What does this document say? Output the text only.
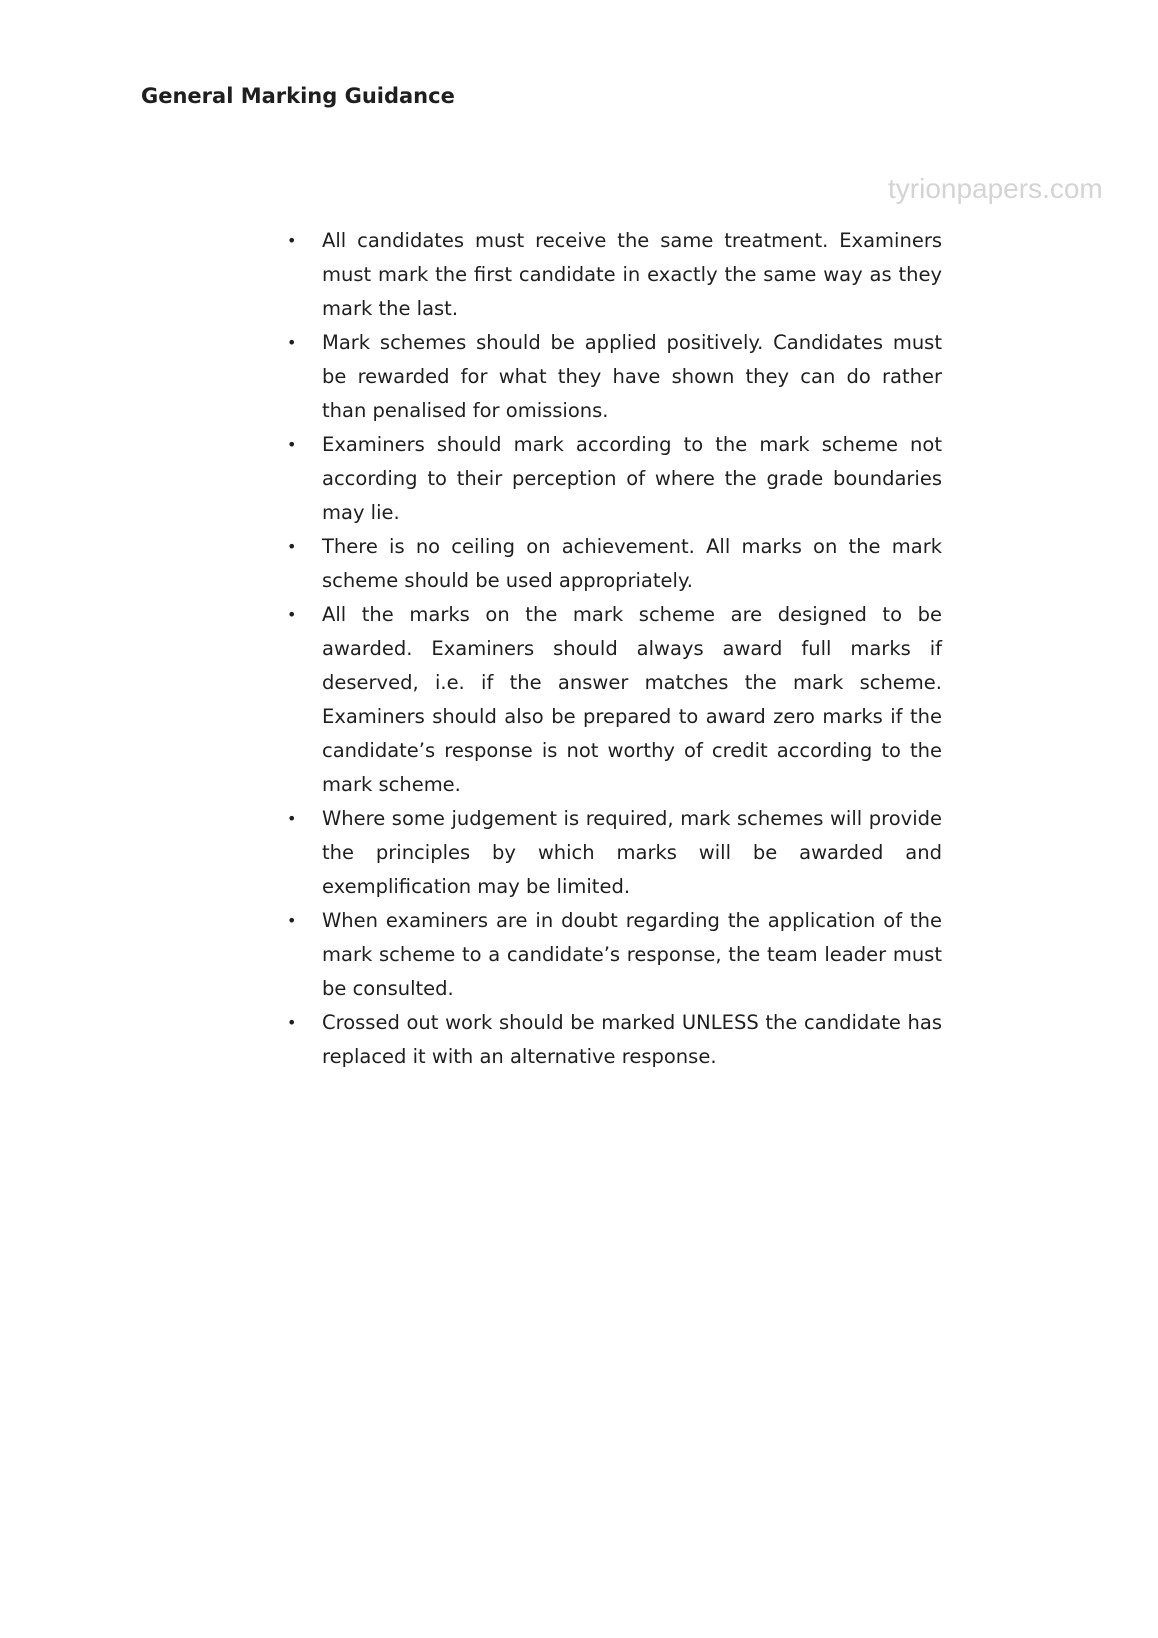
General Marking Guidance
tyrionpapers.com
• All candidates must receive the same treatment. Examiners must mark the first candidate in exactly the same way as they mark the last.
• Mark schemes should be applied positively. Candidates must be rewarded for what they have shown they can do rather than penalised for omissions.
• Examiners should mark according to the mark scheme not according to their perception of where the grade boundaries may lie.
• There is no ceiling on achievement. All marks on the mark scheme should be used appropriately.
• All the marks on the mark scheme are designed to be awarded. Examiners should always award full marks if deserved, i.e. if the answer matches the mark scheme. Examiners should also be prepared to award zero marks if the candidate’s response is not worthy of credit according to the mark scheme.
• Where some judgement is required, mark schemes will provide the principles by which marks will be awarded and exemplification may be limited.
• When examiners are in doubt regarding the application of the mark scheme to a candidate’s response, the team leader must be consulted.
• Crossed out work should be marked UNLESS the candidate has replaced it with an alternative response.
